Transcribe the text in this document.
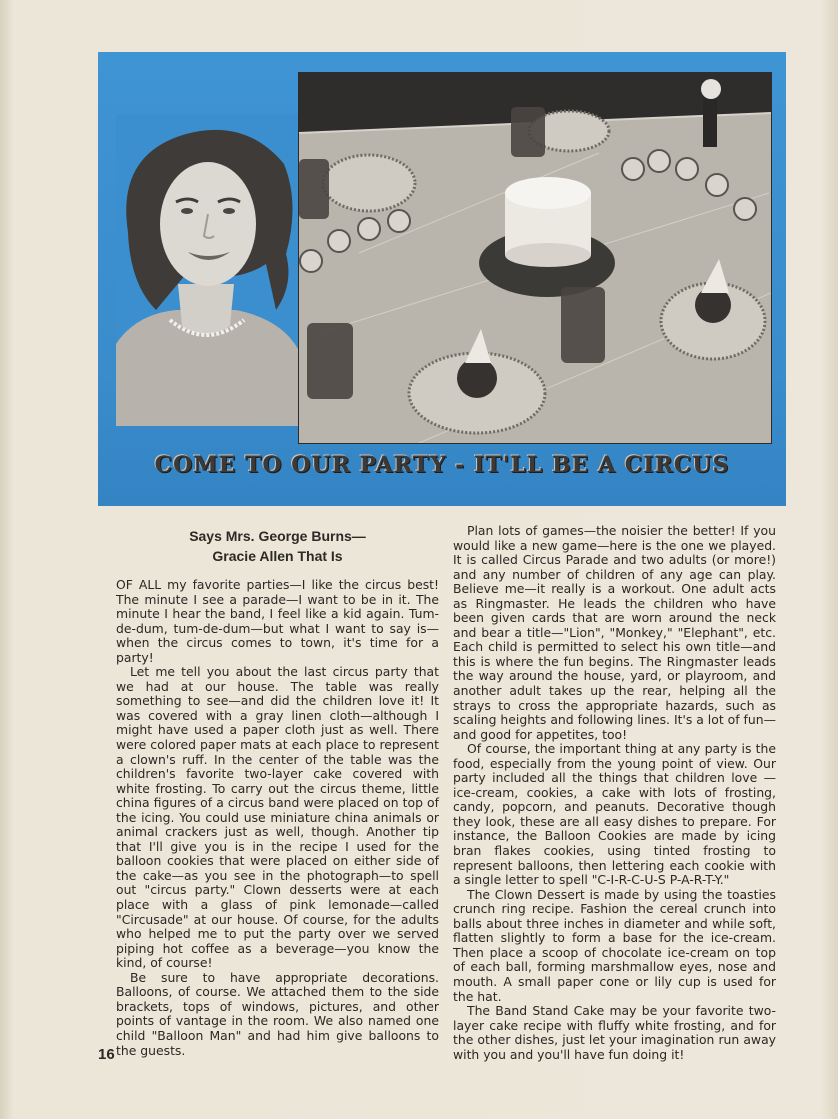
COME TO OUR PARTY - IT'LL BE A CIRCUS
Says Mrs. George Burns—
Gracie Allen That Is

OF ALL my favorite parties—I like the circus best! The minute I see a parade—I want to be in it. The minute I hear the band, I feel like a kid again. Tum-de-dum, tum-de-dum—but what I want to say is—when the circus comes to town, it's time for a party!

Let me tell you about the last circus party that we had at our house. The table was really something to see—and did the children love it! It was covered with a gray linen cloth—although I might have used a paper cloth just as well. There were colored paper mats at each place to represent a clown's ruff. In the center of the table was the children's favorite two-layer cake covered with white frosting. To carry out the circus theme, little china figures of a circus band were placed on top of the icing. You could use miniature china animals or animal crackers just as well, though. Another tip that I'll give you is in the recipe I used for the balloon cookies that were placed on either side of the cake—as you see in the photograph—to spell out "circus party." Clown desserts were at each place with a glass of pink lemonade—called "Circusade" at our house. Of course, for the adults who helped me to put the party over we served piping hot coffee as a beverage—you know the kind, of course!

Be sure to have appropriate decorations. Balloons, of course. We attached them to the side brackets, tops of windows, pictures, and other points of vantage in the room. We also named one child "Balloon Man" and had him give balloons to the guests.

Plan lots of games—the noisier the better! If you would like a new game—here is the one we played. It is called Circus Parade and two adults (or more!) and any number of children of any age can play. Believe me—it really is a workout. One adult acts as Ringmaster. He leads the children who have been given cards that are worn around the neck and bear a title—"Lion", "Monkey," "Elephant", etc. Each child is permitted to select his own title—and this is where the fun begins. The Ringmaster leads the way around the house, yard, or playroom, and another adult takes up the rear, helping all the strays to cross the appropriate hazards, such as scaling heights and following lines. It's a lot of fun—and good for appetites, too!

Of course, the important thing at any party is the food, especially from the young point of view. Our party included all the things that children love —ice-cream, cookies, a cake with lots of frosting, candy, popcorn, and peanuts. Decorative though they look, these are all easy dishes to prepare. For instance, the Balloon Cookies are made by icing bran flakes cookies, using tinted frosting to represent balloons, then lettering each cookie with a single letter to spell "C-I-R-C-U-S P-A-R-T-Y."

The Clown Dessert is made by using the toasties crunch ring recipe. Fashion the cereal crunch into balls about three inches in diameter and while soft, flatten slightly to form a base for the ice-cream. Then place a scoop of chocolate ice-cream on top of each ball, forming marshmallow eyes, nose and mouth. A small paper cone or lily cup is used for the hat.

The Band Stand Cake may be your favorite two-layer cake recipe with fluffy white frosting, and for the other dishes, just let your imagination run away with you and you'll have fun doing it!

16
